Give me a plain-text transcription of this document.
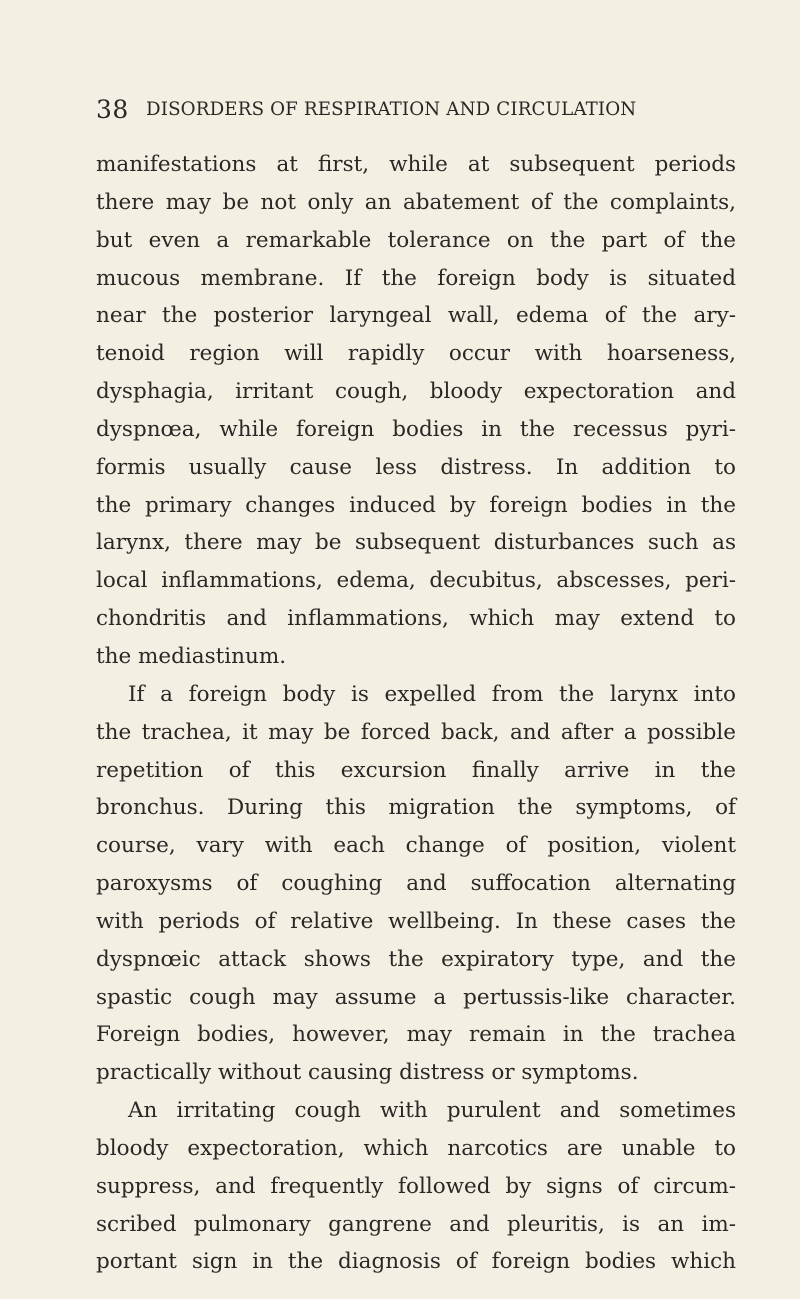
38 DISORDERS OF RESPIRATION AND CIRCULATION
manifestations at first, while at subsequent periods
there may be not only an abatement of the complaints,
but even a remarkable tolerance on the part of the
mucous membrane. If the foreign body is situated
near the posterior laryngeal wall, edema of the ary-
tenoid region will rapidly occur with hoarseness,
dysphagia, irritant cough, bloody expectoration and
dyspnœa, while foreign bodies in the recessus pyri-
formis usually cause less distress. In addition to
the primary changes induced by foreign bodies in the
larynx, there may be subsequent disturbances such as
local inflammations, edema, decubitus, abscesses, peri-
chondritis and inflammations, which may extend to
the mediastinum.
If a foreign body is expelled from the larynx into
the trachea, it may be forced back, and after a possible
repetition of this excursion finally arrive in the
bronchus. During this migration the symptoms, of
course, vary with each change of position, violent
paroxysms of coughing and suffocation alternating
with periods of relative wellbeing. In these cases the
dyspnœic attack shows the expiratory type, and the
spastic cough may assume a pertussis-like character.
Foreign bodies, however, may remain in the trachea
practically without causing distress or symptoms.
An irritating cough with purulent and sometimes
bloody expectoration, which narcotics are unable to
suppress, and frequently followed by signs of circum-
scribed pulmonary gangrene and pleuritis, is an im-
portant sign in the diagnosis of foreign bodies which
